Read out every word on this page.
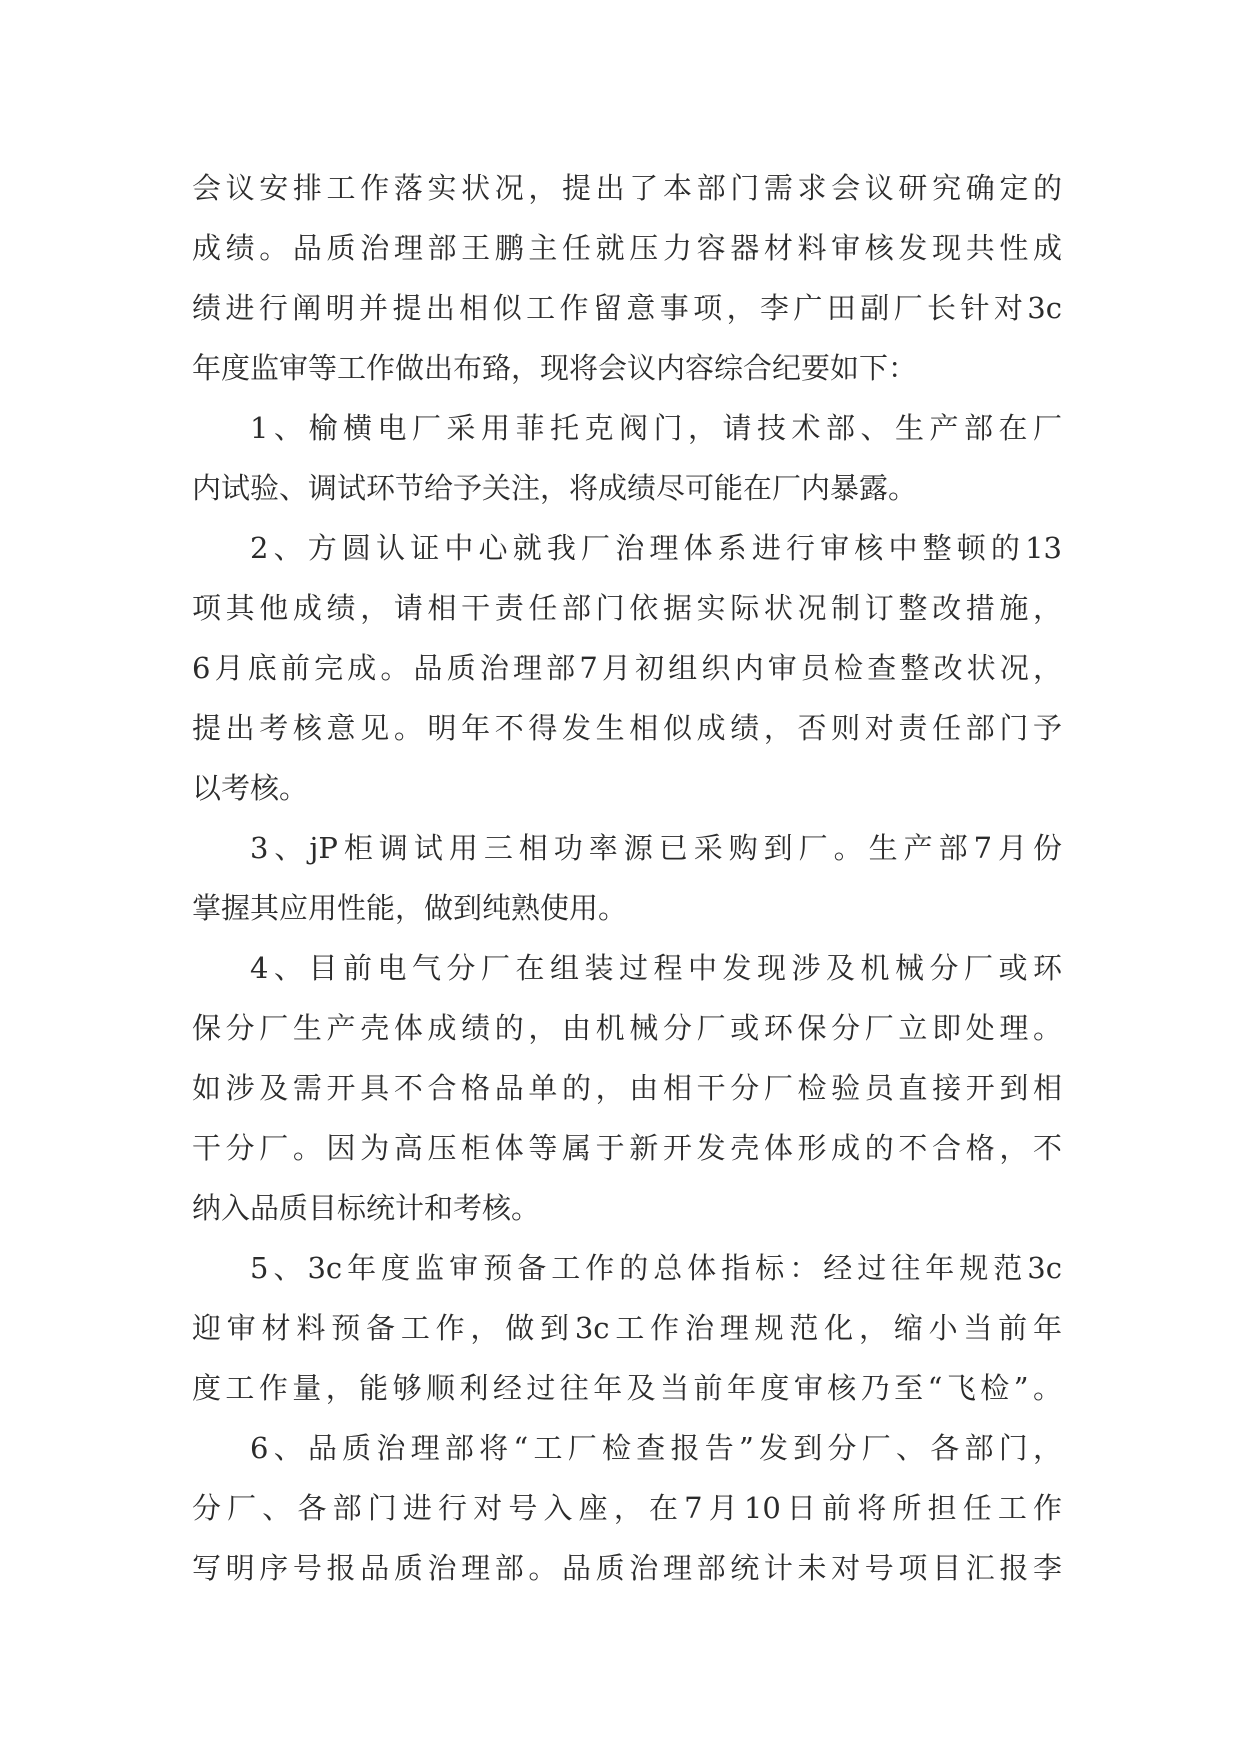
会议安排工作落实状况，提出了本部门需求会议研究确定的
成绩。品质治理部王鹏主任就压力容器材料审核发现共性成
绩进行阐明并提出相似工作留意事项，李广田副厂长针对3c
年度监审等工作做出布臵，现将会议内容综合纪要如下：
1、榆横电厂采用菲托克阀门，请技术部、生产部在厂
内试验、调试环节给予关注，将成绩尽可能在厂内暴露。
2、方圆认证中心就我厂治理体系进行审核中整顿的13
项其他成绩，请相干责任部门依据实际状况制订整改措施，
6月底前完成。品质治理部7月初组织内审员检查整改状况，
提出考核意见。明年不得发生相似成绩，否则对责任部门予
以考核。
3、jP柜调试用三相功率源已采购到厂。生产部7月份
掌握其应用性能，做到纯熟使用。
4、目前电气分厂在组装过程中发现涉及机械分厂或环
保分厂生产壳体成绩的，由机械分厂或环保分厂立即处理。
如涉及需开具不合格品单的，由相干分厂检验员直接开到相
干分厂。因为高压柜体等属于新开发壳体形成的不合格，不
纳入品质目标统计和考核。
5、3c年度监审预备工作的总体指标：经过往年规范3c
迎审材料预备工作，做到3c工作治理规范化，缩小当前年
度工作量，能够顺利经过往年及当前年度审核乃至“飞检”。
6、品质治理部将“工厂检查报告”发到分厂、各部门，
分厂、各部门进行对号入座，在7月10日前将所担任工作
写明序号报品质治理部。品质治理部统计未对号项目汇报李
